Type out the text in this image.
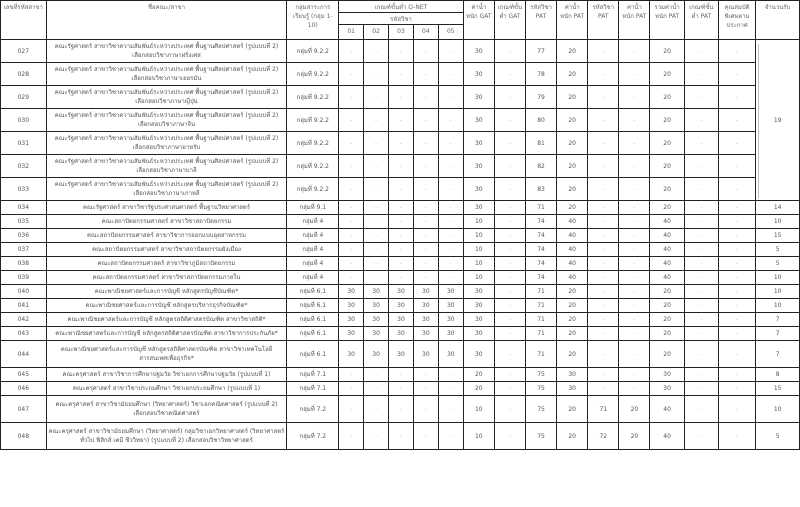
เลขที่รหัสสาขา	ชื่อคณะ/สาขา	กลุ่มสาระการเรียนรู้ (กลุ่ม 1-10)	เกณฑ์ขั้นต่ำ O-NET					ค่าน้ำหนัก GAT	เกณฑ์ขั้นต่ำ GAT	รหัสวิชา PAT	ค่าน้ำหนัก PAT	รหัสวิชา PAT	ค่าน้ำหนัก PAT	รวมค่าน้ำหนัก PAT	เกณฑ์ขั้นต่ำ PAT	คุณสมบัติพิเศษตามประกาศ	จำนวนรับ
			รหัสวิชา														
			01	02	03	04	05										
027	คณะรัฐศาสตร์ สาขาวิชาความสัมพันธ์ระหว่างประเทศ พื้นฐานศิลปศาสตร์ (รูปแบบที่ 2) เลือกสอบวิชาภาษาฝรั่งเศส	กลุ่มที่ 9.2.2	-	-	-	-	-	30	-	77	20	-	-	20	-	-	19

028	คณะรัฐศาสตร์ สาขาวิชาความสัมพันธ์ระหว่างประเทศ พื้นฐานศิลปศาสตร์ (รูปแบบที่ 2) เลือกสอบวิชาภาษาเยอรมัน	กลุ่มที่ 9.2.2	-	-	-	-	-	30	-	78	20	-	-	20	-	-	
029	คณะรัฐศาสตร์ สาขาวิชาความสัมพันธ์ระหว่างประเทศ พื้นฐานศิลปศาสตร์ (รูปแบบที่ 2) เลือกสอบวิชาภาษาญี่ปุ่น	กลุ่มที่ 9.2.2	-	-	-	-	-	30	-	79	20	-	-	20	-	-	
030	คณะรัฐศาสตร์ สาขาวิชาความสัมพันธ์ระหว่างประเทศ พื้นฐานศิลปศาสตร์ (รูปแบบที่ 2) เลือกสอบวิชาภาษาจีน	กลุ่มที่ 9.2.2	-	-	-	-	-	30	-	80	20	-	-	20	-	-	
031	คณะรัฐศาสตร์ สาขาวิชาความสัมพันธ์ระหว่างประเทศ พื้นฐานศิลปศาสตร์ (รูปแบบที่ 2) เลือกสอบวิชาภาษาอาหรับ	กลุ่มที่ 9.2.2	-	-	-	-	-	30	-	81	20	-	-	20	-	-	
032	คณะรัฐศาสตร์ สาขาวิชาความสัมพันธ์ระหว่างประเทศ พื้นฐานศิลปศาสตร์ (รูปแบบที่ 2) เลือกสอบวิชาภาษาบาลี	กลุ่มที่ 9.2.2	-	-	-	-	-	30	-	82	20	-	-	20	-	-	
033	คณะรัฐศาสตร์ สาขาวิชาความสัมพันธ์ระหว่างประเทศ พื้นฐานศิลปศาสตร์ (รูปแบบที่ 2) เลือกสอบวิชาภาษาเกาหลี	กลุ่มที่ 9.2.2	-	-	-	-	-	30	-	83	20	-	-	20	-	-	
034	คณะรัฐศาสตร์ สาขาวิชารัฐประศาสนศาสตร์ พื้นฐานวิทยาศาสตร์	กลุ่มที่ 9.1	-	-	-	-	-	30	-	71	20	-	-	20	-	-	14
035	คณะสถาปัตยกรรมศาสตร์ สาขาวิชาสถาปัตยกรรม	กลุ่มที่ 4	-	-	-	-	-	10	-	74	40	-	-	40	-	-	10
036	คณะสถาปัตยกรรมศาสตร์ สาขาวิชาการออกแบบอุตสาหกรรม	กลุ่มที่ 4	-	-	-	-	-	10	-	74	40	-	-	40	-	-	15
037	คณะสถาปัตยกรรมศาสตร์ สาขาวิชาสถาปัตยกรรมผังเมือง	กลุ่มที่ 4	-	-	-	-	-	10	-	74	40	-	-	40	-	-	5
038	คณะสถาปัตยกรรมศาสตร์ สาขาวิชาภูมิสถาปัตยกรรม	กลุ่มที่ 4	-	-	-	-	-	10	-	74	40	-	-	40	-	-	5
039	คณะสถาปัตยกรรมศาสตร์ สาขาวิชาสถาปัตยกรรมภายใน	กลุ่มที่ 4	-	-	-	-	-	10	-	74	40	-	-	40	-	-	10
040	คณะพาณิชยศาสตร์และการบัญชี หลักสูตรบัญชีบัณฑิต*	กลุ่มที่ 6.1	30	30	30	30	30	30	-	71	20	-	-	20	-	-	10
041	คณะพาณิชยศาสตร์และการบัญชี หลักสูตรบริหารธุรกิจบัณฑิต*	กลุ่มที่ 6.1	30	30	30	30	30	30	-	71	20	-	-	20	-	-	10
042	คณะพาณิชยศาสตร์และการบัญชี หลักสูตรสถิติศาสตรบัณฑิต สาขาวิชาสถิติ*	กลุ่มที่ 6.1	30	30	30	30	30	30	-	71	20	-	-	20	-	-	7
043	คณะพาณิชยศาสตร์และการบัญชี หลักสูตรสถิติศาสตรบัณฑิต สาขาวิชาการประกันภัย*	กลุ่มที่ 6.1	30	30	30	30	30	30	-	71	20	-	-	20	-	-	7
044	คณะพาณิชยศาสตร์และการบัญชี หลักสูตรสถิติศาสตรบัณฑิต สาขาวิชาเทคโนโลยีสารสนเทศเพื่อธุรกิจ*	กลุ่มที่ 6.1	30	30	30	30	30	30	-	71	20	-	-	20	-	-	7
045	คณะครุศาสตร์ สาขาวิชาการศึกษาปฐมวัย วิชาเอกการศึกษาปฐมวัย (รูปแบบที่ 1)	กลุ่มที่ 7.1	-	-	-	-	-	20	-	75	30	-	-	30	-	-	8
046	คณะครุศาสตร์ สาขาวิชาประถมศึกษา วิชาเอกประถมศึกษา (รูปแบบที่ 1)	กลุ่มที่ 7.1	-	-	-	-	-	20	-	75	30	-	-	30	-	-	15
047	คณะครุศาสตร์ สาขาวิชามัธยมศึกษา (วิทยาศาสตร์) วิชาเอกคณิตศาสตร์ (รูปแบบที่ 2) เลือกสอบวิชาคณิตศาสตร์	กลุ่มที่ 7.2	-	-	-	-	-	10	-	75	20	71	20	40	-	-	10
048	คณะครุศาสตร์ สาขาวิชามัธยมศึกษา (วิทยาศาสตร์) กลุ่มวิชาเอกวิทยาศาสตร์ (วิทยาศาสตร์ทั่วไป ฟิสิกส์ เคมี ชีววิทยา) (รูปแบบที่ 2) เลือกสอบวิชาวิทยาศาสตร์	กลุ่มที่ 7.2	-	-	-	-	-	10	-	75	20	72	20	40	-	-	5
